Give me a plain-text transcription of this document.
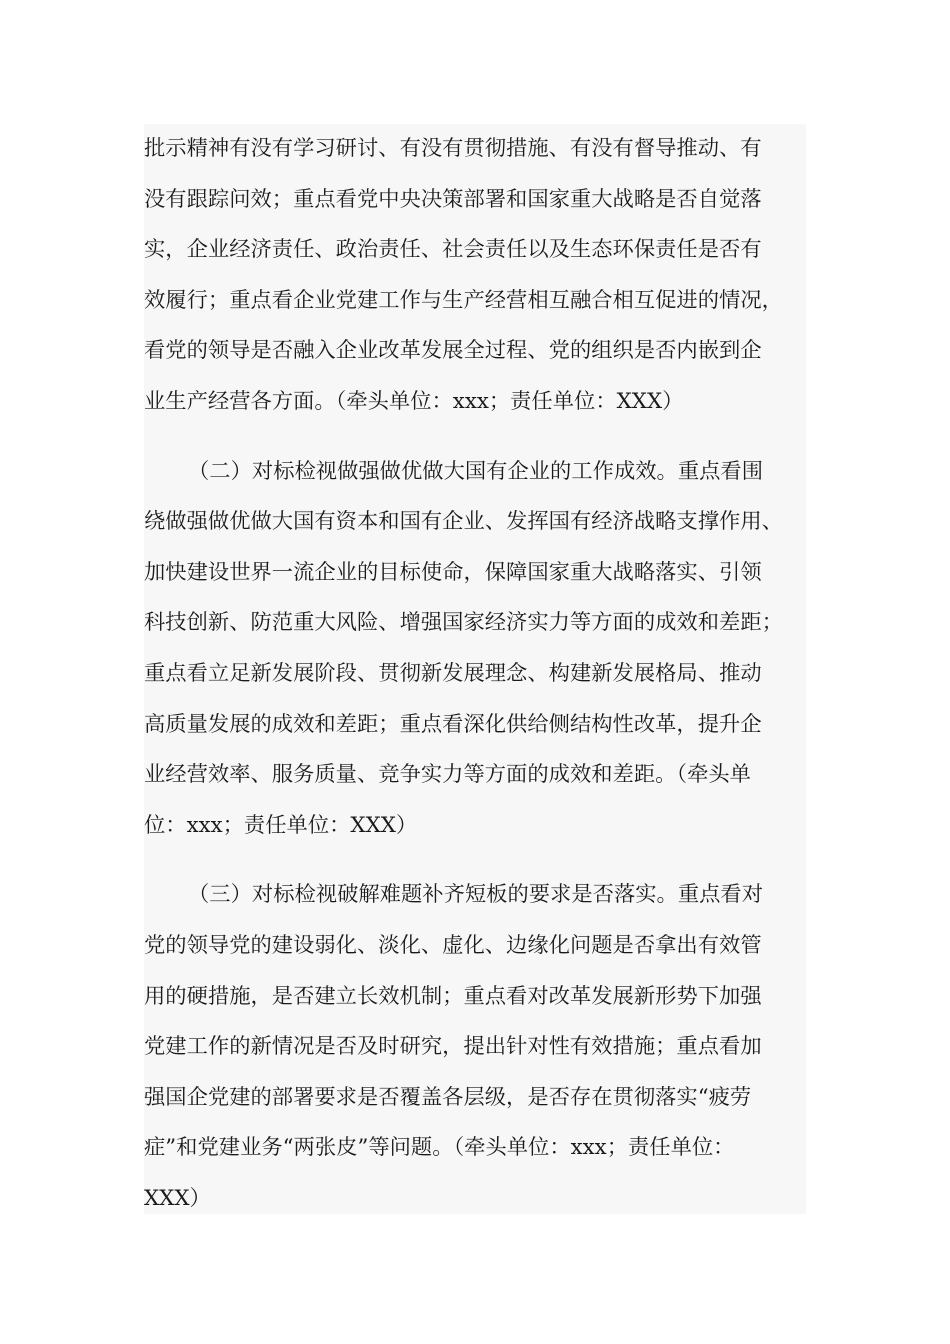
批示精神有没有学习研讨、有没有贯彻措施、有没有督导推动、有
没有跟踪问效；重点看党中央决策部署和国家重大战略是否自觉落
实，企业经济责任、政治责任、社会责任以及生态环保责任是否有
效履行；重点看企业党建工作与生产经营相互融合相互促进的情况，
看党的领导是否融入企业改革发展全过程、党的组织是否内嵌到企
业生产经营各方面。（牵头单位：xxx；责任单位：XXX）
（二）对标检视做强做优做大国有企业的工作成效。重点看围
绕做强做优做大国有资本和国有企业、发挥国有经济战略支撑作用、
加快建设世界一流企业的目标使命，保障国家重大战略落实、引领
科技创新、防范重大风险、增强国家经济实力等方面的成效和差距；
重点看立足新发展阶段、贯彻新发展理念、构建新发展格局、推动
高质量发展的成效和差距；重点看深化供给侧结构性改革，提升企
业经营效率、服务质量、竞争实力等方面的成效和差距。（牵头单
位：xxx；责任单位：XXX）
（三）对标检视破解难题补齐短板的要求是否落实。重点看对
党的领导党的建设弱化、淡化、虚化、边缘化问题是否拿出有效管
用的硬措施，是否建立长效机制；重点看对改革发展新形势下加强
党建工作的新情况是否及时研究，提出针对性有效措施；重点看加
强国企党建的部署要求是否覆盖各层级，是否存在贯彻落实“疲劳
症”和党建业务“两张皮”等问题。（牵头单位：xxx；责任单位：
XXX）
